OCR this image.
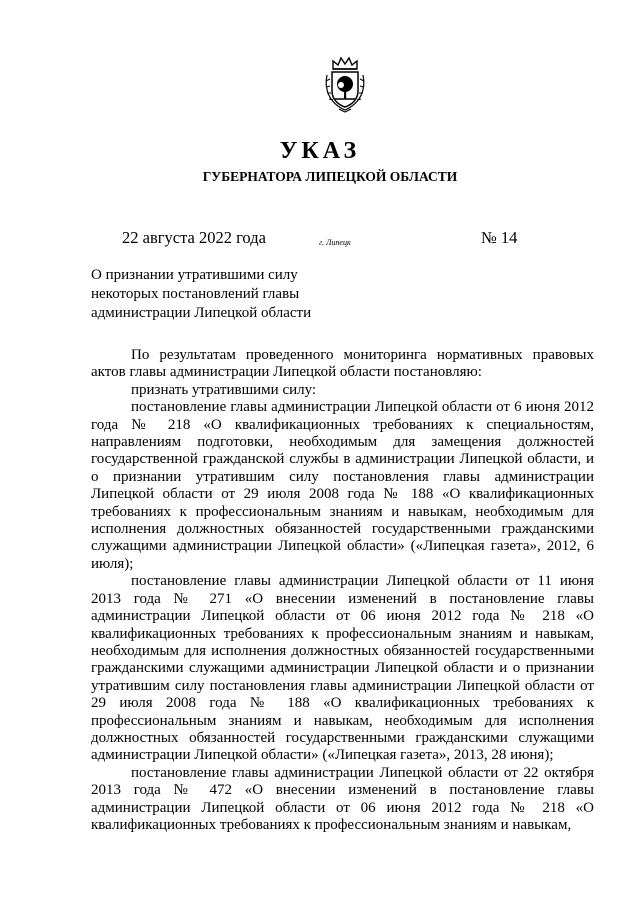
УКАЗ
ГУБЕРНАТОРА ЛИПЕЦКОЙ ОБЛАСТИ
22 августа 2022 года	г. Липецк	№ 14
О признании утратившими силу
некоторых постановлений главы
администрации Липецкой области

По результатам проведенного мониторинга нормативных правовых актов главы администрации Липецкой области постановляю:

признать утратившими силу:

постановление главы администрации Липецкой области от 6 июня 2012 года № 218 «О квалификационных требованиях к специальностям, направлениям подготовки, необходимым для замещения должностей государственной гражданской службы в администрации Липецкой области, и о признании утратившим силу постановления главы администрации Липецкой области от 29 июля 2008 года № 188 «О квалификационных требованиях к профессиональным знаниям и навыкам, необходимым для исполнения должностных обязанностей государственными гражданскими служащими администрации Липецкой области» («Липецкая газета», 2012, 6 июля);

постановление главы администрации Липецкой области от 11 июня 2013 года № 271 «О внесении изменений в постановление главы администрации Липецкой области от 06 июня 2012 года № 218 «О квалификационных требованиях к профессиональным знаниям и навыкам, необходимым для исполнения должностных обязанностей государственными гражданскими служащими администрации Липецкой области и о признании утратившим силу постановления главы администрации Липецкой области от 29 июля 2008 года № 188 «О квалификационных требованиях к профессиональным знаниям и навыкам, необходимым для исполнения должностных обязанностей государственными гражданскими служащими администрации Липецкой области» («Липецкая газета», 2013, 28 июня);

постановление главы администрации Липецкой области от 22 октября 2013 года № 472 «О внесении изменений в постановление главы администрации Липецкой области от 06 июня 2012 года № 218 «О квалификационных требованиях к профессиональным знаниям и навыкам,
